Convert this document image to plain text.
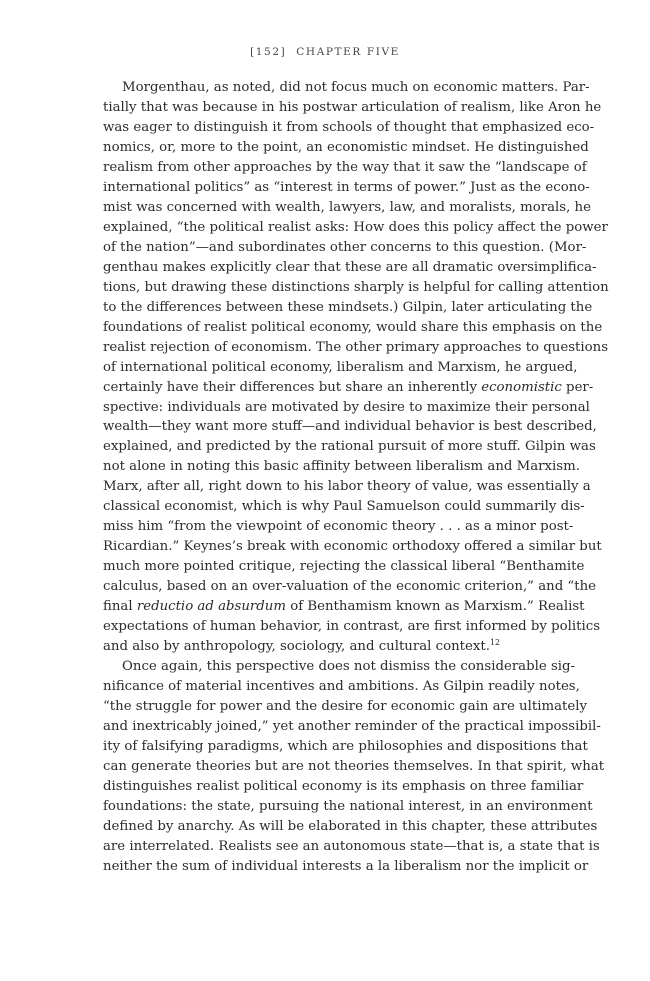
[152] CHAPTER FIVE
Morgenthau, as noted, did not focus much on economic matters. Par-
tially that was because in his postwar articulation of realism, like Aron he
was eager to distinguish it from schools of thought that emphasized eco-
nomics, or, more to the point, an economistic mindset. He distinguished
realism from other approaches by the way that it saw the “landscape of
international politics” as “interest in terms of power.” Just as the econo-
mist was concerned with wealth, lawyers, law, and moralists, morals, he
explained, “the political realist asks: How does this policy affect the power
of the nation”—and subordinates other concerns to this question. (Mor-
genthau makes explicitly clear that these are all dramatic oversimplifica-
tions, but drawing these distinctions sharply is helpful for calling attention
to the differences between these mindsets.) Gilpin, later articulating the
foundations of realist political economy, would share this emphasis on the
realist rejection of economism. The other primary approaches to questions
of international political economy, liberalism and Marxism, he argued,
certainly have their differences but share an inherently economistic per-
spective: individuals are motivated by desire to maximize their personal
wealth—they want more stuff—and individual behavior is best described,
explained, and predicted by the rational pursuit of more stuff. Gilpin was
not alone in noting this basic affinity between liberalism and Marxism.
Marx, after all, right down to his labor theory of value, was essentially a
classical economist, which is why Paul Samuelson could summarily dis-
miss him “from the viewpoint of economic theory . . . as a minor post-
Ricardian.” Keynes’s break with economic orthodoxy offered a similar but
much more pointed critique, rejecting the classical liberal “Benthamite
calculus, based on an over-valuation of the economic criterion,” and “the
final reductio ad absurdum of Benthamism known as Marxism.” Realist
expectations of human behavior, in contrast, are first informed by politics
and also by anthropology, sociology, and cultural context.$^{12}$
Once again, this perspective does not dismiss the considerable sig-
nificance of material incentives and ambitions. As Gilpin readily notes,
“the struggle for power and the desire for economic gain are ultimately
and inextricably joined,” yet another reminder of the practical impossibil-
ity of falsifying paradigms, which are philosophies and dispositions that
can generate theories but are not theories themselves. In that spirit, what
distinguishes realist political economy is its emphasis on three familiar
foundations: the state, pursuing the national interest, in an environment
defined by anarchy. As will be elaborated in this chapter, these attributes
are interrelated. Realists see an autonomous state—that is, a state that is
neither the sum of individual interests a la liberalism nor the implicit or
